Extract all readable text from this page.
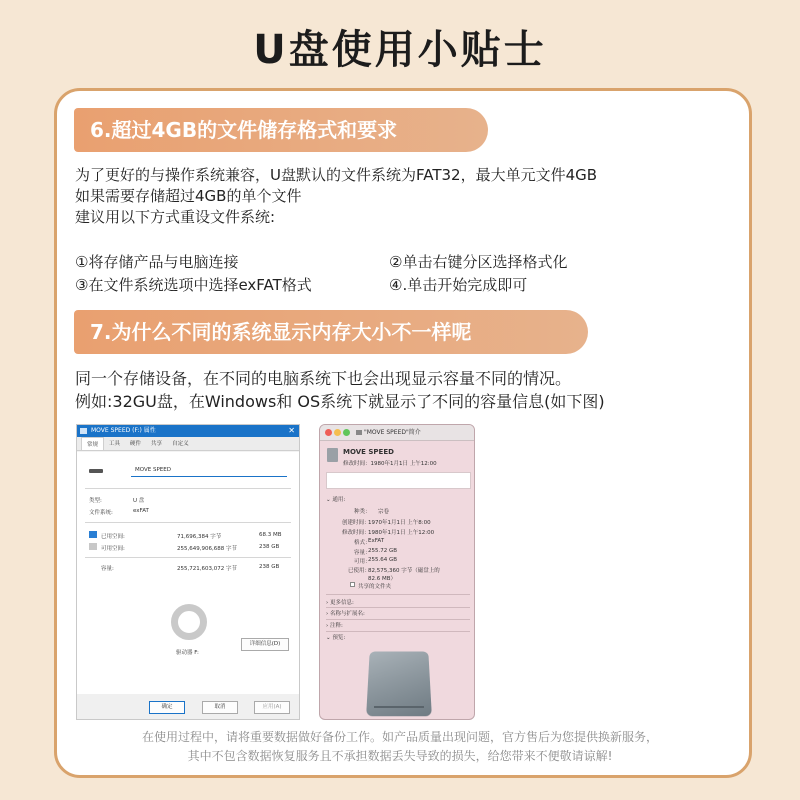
U盘使用小贴士
6.超过4GB的文件储存格式和要求
为了更好的与操作系统兼容，U盘默认的文件系统为FAT32，最大单元文件4GB
如果需要存储超过4GB的单个文件
建议用以下方式重设文件系统:
①将存储产品与电脑连接	②单击右键分区选择格式化
③在文件系统选项中选择exFAT格式	④.单击开始完成即可
7.为什么不同的系统显示内存大小不一样呢
同一个存储设备，在不同的电脑系统下也会出现显示容量不同的情况。
例如:32GU盘，在Windows和 OS系统下就显示了不同的容量信息(如下图)
MOVE SPEED (F:) 属性	✕
常规	工具	硬件	共享	自定义
MOVE SPEED
类型:	U 盘
文件系统:	exFAT
已用空间:	71,696,384 字节	68.3 MB
可用空间:	255,649,906,688 字节	238 GB
容量:	255,721,603,072 字节	238 GB
驱动器 F:
详细信息(D)
确定	取消	应用(A)
"MOVE SPEED"简介
MOVE SPEED
修改时间：1980年1月1日 上午12:00
⌄ 通用:
种类： 宗卷
创建时间：
1970年1月1日 上午8:00
修改时间：
1980年1月1日 上午12:00
格式：
ExFAT
容量：
255.72 GB
可用：
255.64 GB
已使用：
82,575,360 字节（磁盘上的
82.6 MB）
共享的文件夹
› 更多信息:
› 名称与扩展名:
› 注释:
⌄ 预览:
在使用过程中，请将重要数据做好备份工作。如产品质量出现问题，官方售后为您提供换新服务，
其中不包含数据恢复服务且不承担数据丢失导致的损失，给您带来不便敬请谅解!
